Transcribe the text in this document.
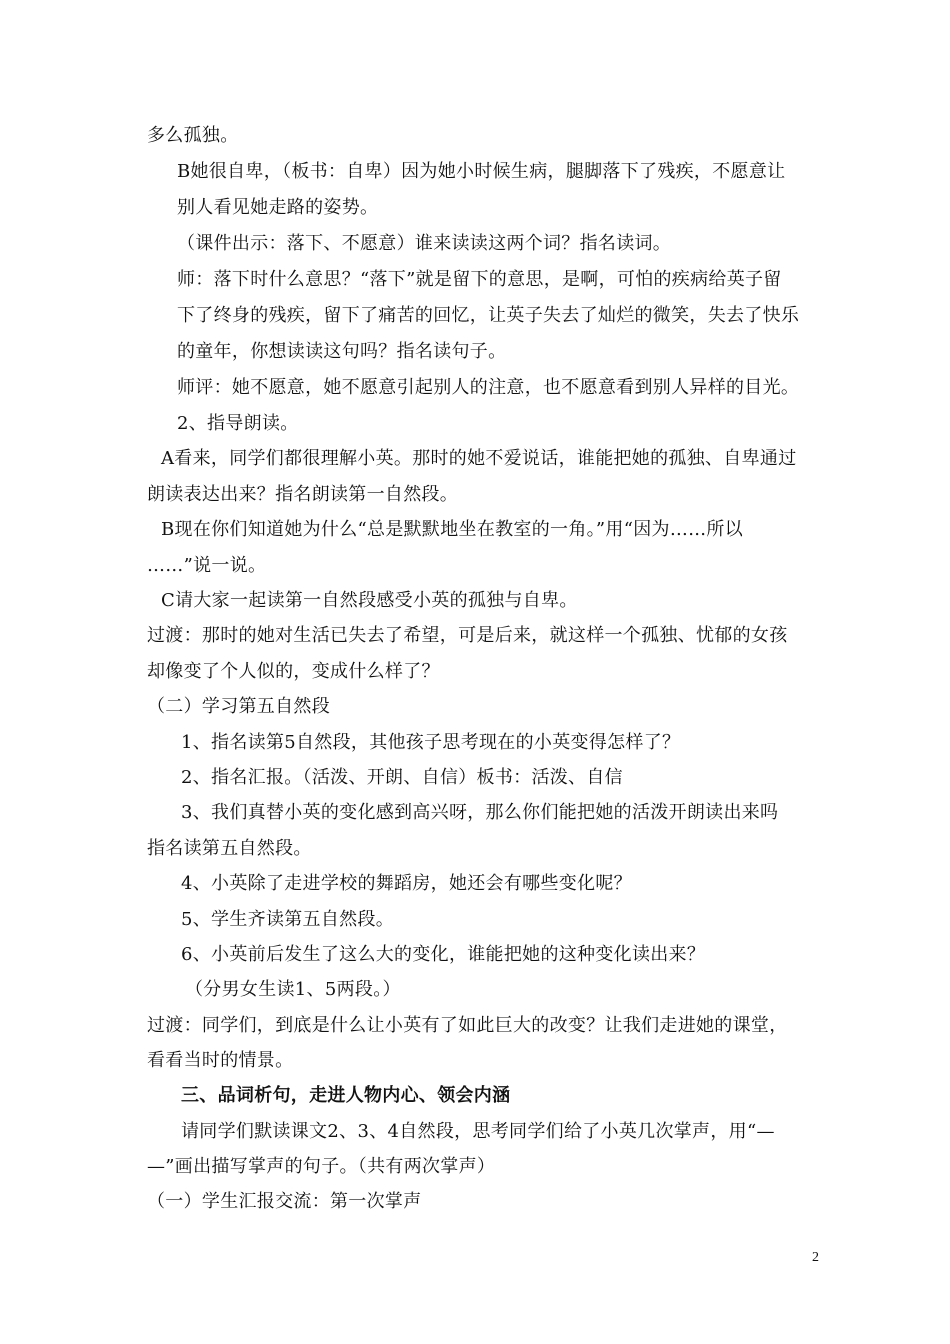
多么孤独。
B她很自卑，（板书：自卑）因为她小时候生病，腿脚落下了残疾，不愿意让
别人看见她走路的姿势。
（课件出示：落下、不愿意）谁来读读这两个词？指名读词。
师：落下时什么意思？“落下”就是留下的意思，是啊，可怕的疾病给英子留
下了终身的残疾，留下了痛苦的回忆，让英子失去了灿烂的微笑，失去了快乐
的童年，你想读读这句吗？指名读句子。
师评：她不愿意，她不愿意引起别人的注意，也不愿意看到别人异样的目光。
2、指导朗读。
A看来，同学们都很理解小英。那时的她不爱说话，谁能把她的孤独、自卑通过
朗读表达出来？指名朗读第一自然段。
B现在你们知道她为什么“总是默默地坐在教室的一角。”用“因为……所以
……”说一说。
C请大家一起读第一自然段感受小英的孤独与自卑。
过渡：那时的她对生活已失去了希望，可是后来，就这样一个孤独、忧郁的女孩
却像变了个人似的，变成什么样了？
（二）学习第五自然段
1、指名读第5自然段，其他孩子思考现在的小英变得怎样了？
2、指名汇报。（活泼、开朗、自信）板书：活泼、自信
3、我们真替小英的变化感到高兴呀，那么你们能把她的活泼开朗读出来吗
指名读第五自然段。
4、小英除了走进学校的舞蹈房，她还会有哪些变化呢？
5、学生齐读第五自然段。
6、小英前后发生了这么大的变化，谁能把她的这种变化读出来？
（分男女生读1、5两段。）
过渡：同学们，到底是什么让小英有了如此巨大的改变？让我们走进她的课堂，
看看当时的情景。
三、品词析句，走进人物内心、领会内涵
请同学们默读课文2、3、4自然段，思考同学们给了小英几次掌声，用“—
—”画出描写掌声的句子。（共有两次掌声）
（一）学生汇报交流：第一次掌声
2
